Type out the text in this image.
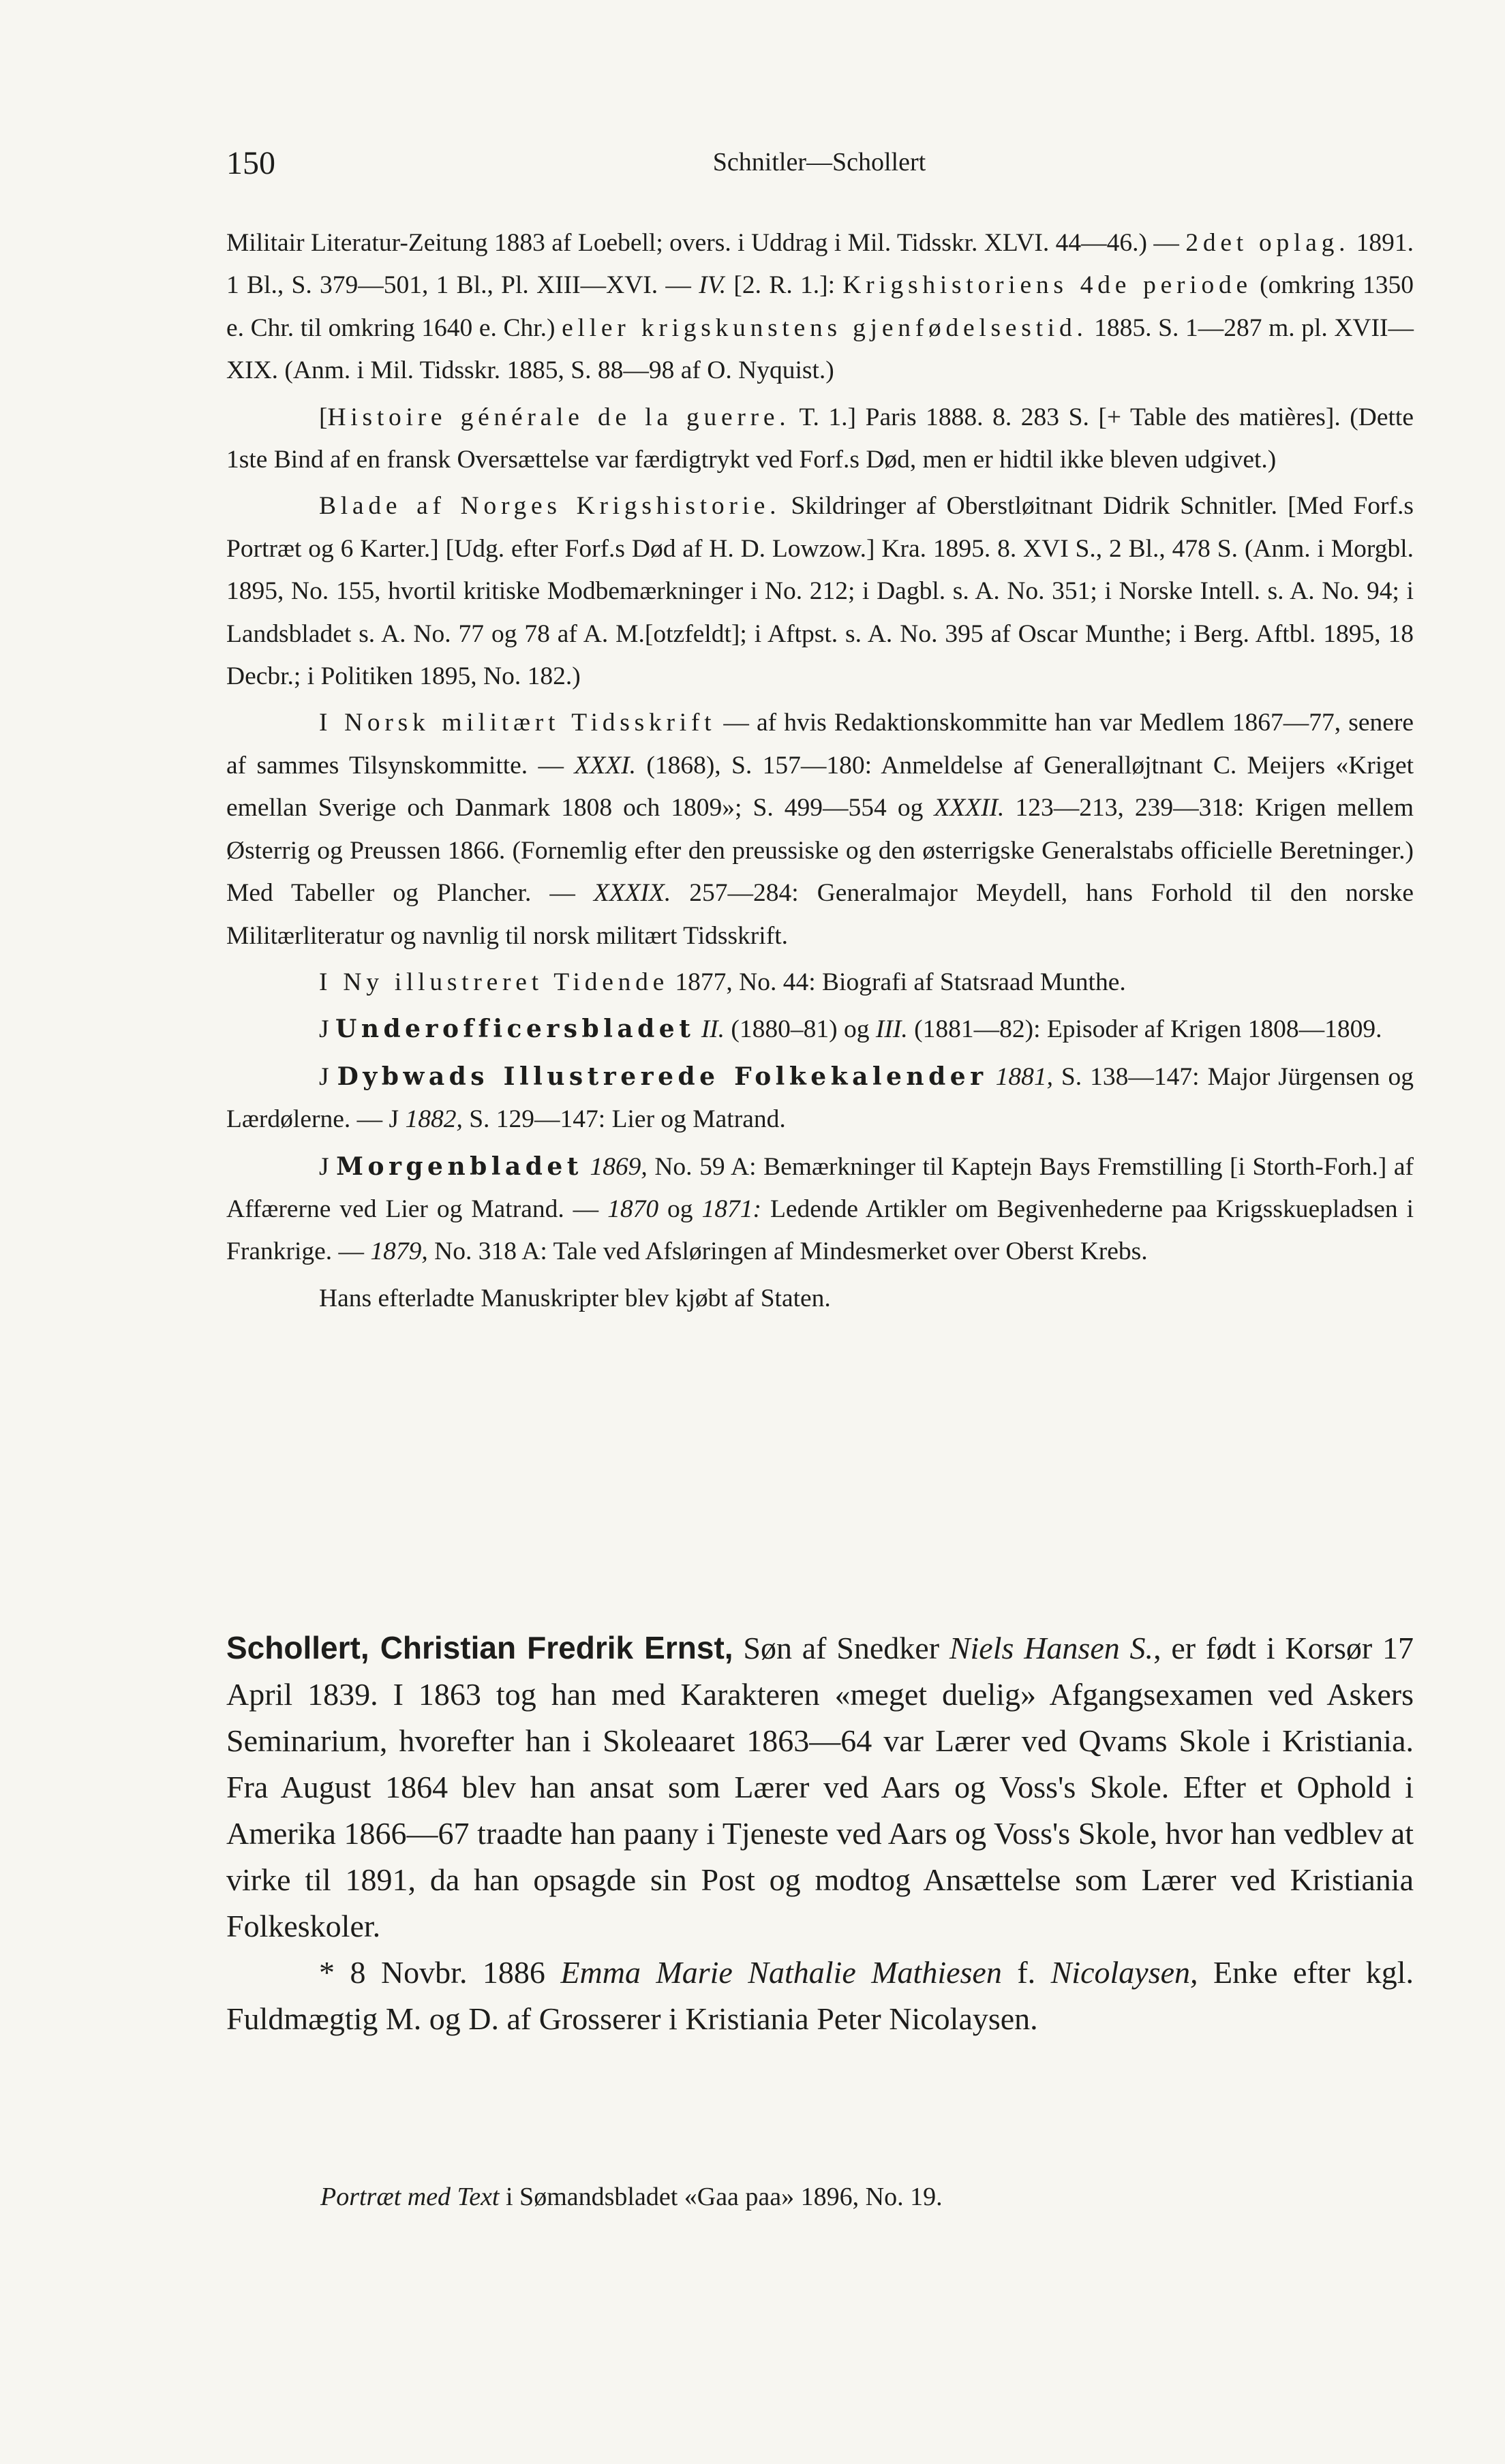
150	Schnitler—Schollert

Militair Literatur-Zeitung 1883 af Loebell; overs. i Uddrag i Mil. Tidsskr. XLVI. 44—46.) — 2det oplag. 1891. 1 Bl., S. 379—501, 1 Bl., Pl. XIII—XVI. — IV. [2. R. 1.]: Krigshistoriens 4de periode (omkring 1350 e. Chr. til omkring 1640 e. Chr.) eller krigskunstens gjenfødelsestid. 1885. S. 1—287 m. pl. XVII—XIX. (Anm. i Mil. Tidsskr. 1885, S. 88—98 af O. Nyquist.)

[Histoire générale de la guerre. T. 1.] Paris 1888. 8. 283 S. [+ Table des matières]. (Dette 1ste Bind af en fransk Oversættelse var færdigtrykt ved Forf.s Død, men er hidtil ikke bleven udgivet.)

Blade af Norges Krigshistorie. Skildringer af Oberstløitnant Didrik Schnitler. [Med Forf.s Portræt og 6 Karter.] [Udg. efter Forf.s Død af H. D. Lowzow.] Kra. 1895. 8. XVI S., 2 Bl., 478 S. (Anm. i Morgbl. 1895, No. 155, hvortil kritiske Modbemærkninger i No. 212; i Dagbl. s. A. No. 351; i Norske Intell. s. A. No. 94; i Landsbladet s. A. No. 77 og 78 af A. M.[otzfeldt]; i Aftpst. s. A. No. 395 af Oscar Munthe; i Berg. Aftbl. 1895, 18 Decbr.; i Politiken 1895, No. 182.)

I Norsk militært Tidsskrift — af hvis Redaktionskommitte han var Medlem 1867—77, senere af sammes Tilsynskommitte. — XXXI. (1868), S. 157—180: Anmeldelse af Generalløjtnant C. Meijers «Kriget emellan Sverige och Danmark 1808 och 1809»; S. 499—554 og XXXII. 123—213, 239—318: Krigen mellem Østerrig og Preussen 1866. (Fornemlig efter den preussiske og den østerrigske Generalstabs officielle Beretninger.) Med Tabeller og Plancher. — XXXIX. 257—284: Generalmajor Meydell, hans Forhold til den norske Militærliteratur og navnlig til norsk militært Tidsskrift.

I Ny illustreret Tidende 1877, No. 44: Biografi af Statsraad Munthe.

J Underofficersbladet II. (1880–81) og III. (1881—82): Episoder af Krigen 1808—1809.

J Dybwads Illustrerede Folkekalender 1881, S. 138—147: Major Jürgensen og Lærdølerne. — J 1882, S. 129—147: Lier og Matrand.

J Morgenbladet 1869, No. 59 A: Bemærkninger til Kaptejn Bays Fremstilling [i Storth-Forh.] af Affærerne ved Lier og Matrand. — 1870 og 1871: Ledende Artikler om Begivenhederne paa Krigsskuepladsen i Frankrige. — 1879, No. 318 A: Tale ved Afsløringen af Mindesmerket over Oberst Krebs.

Hans efterladte Manuskripter blev kjøbt af Staten.

Schollert, Christian Fredrik Ernst, Søn af Snedker Niels Hansen S., er født i Korsør 17 April 1839. I 1863 tog han med Karakteren «meget duelig» Afgangsexamen ved Askers Seminarium, hvorefter han i Skoleaaret 1863—64 var Lærer ved Qvams Skole i Kristiania. Fra August 1864 blev han ansat som Lærer ved Aars og Voss's Skole. Efter et Ophold i Amerika 1866—67 traadte han paany i Tjeneste ved Aars og Voss's Skole, hvor han vedblev at virke til 1891, da han opsagde sin Post og modtog Ansættelse som Lærer ved Kristiania Folkeskoler.

* 8 Novbr. 1886 Emma Marie Nathalie Mathiesen f. Nicolaysen, Enke efter kgl. Fuldmægtig M. og D. af Grosserer i Kristiania Peter Nicolaysen.

Portræt med Text i Sømandsbladet «Gaa paa» 1896, No. 19.
